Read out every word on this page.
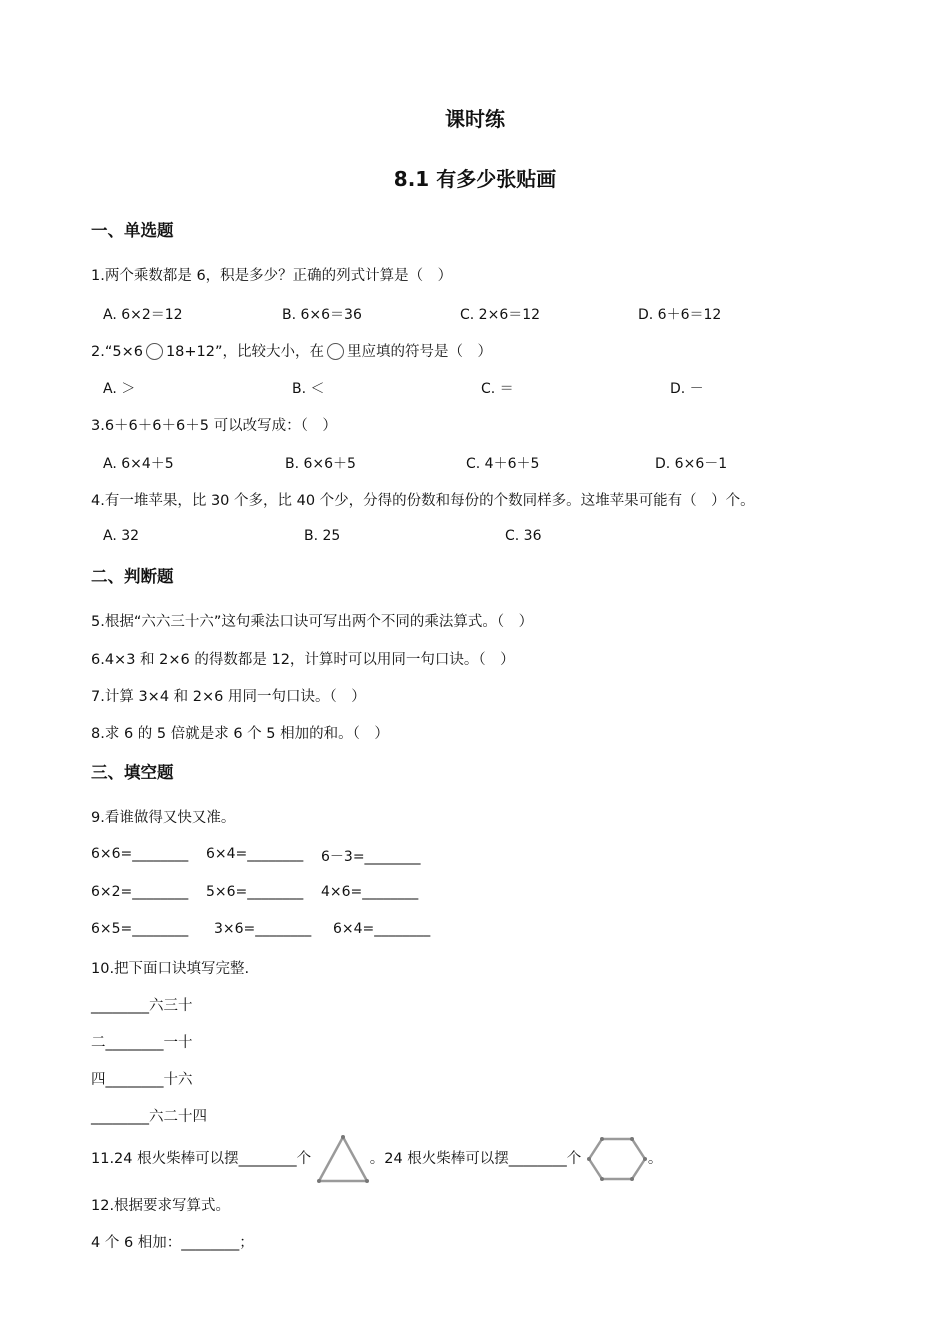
课时练
8.1 有多少张贴画
一、单选题
1.两个乘数都是 6，积是多少？正确的列式计算是（　）
A. 6×2＝12	B. 6×6＝36	C. 2×6＝12	D. 6＋6＝12
2.“5×6 18+12”，比较大小，在 里应填的符号是（　）
A. ＞	B. ＜	C. ＝	D. －
3.6＋6＋6＋6＋5 可以改写成：（　）
A. 6×4＋5	B. 6×6＋5	C. 4＋6＋5	D. 6×6－1
4.有一堆苹果，比 30 个多，比 40 个少，分得的份数和每份的个数同样多。这堆苹果可能有（　）个。
A. 32	B. 25	C. 36
二、判断题
5.根据“六六三十六”这句乘法口诀可写出两个不同的乘法算式。（　）
6.4×3 和 2×6 的得数都是 12，计算时可以用同一句口诀。（　）
7.计算 3×4 和 2×6 用同一句口诀。（　）
8.求 6 的 5 倍就是求 6 个 5 相加的和。（　）
三、填空题
9.看谁做得又快又准。
6×6=________ 6×4=________ 6－3=________
6×2=________ 5×6=________ 4×6=________
6×5=________ 3×6=________ 6×4=________
10.把下面口诀填写完整.
________六三十
二________一十
四________十六
________六二十四
11.24 根火柴棒可以摆________个	。24 根火柴棒可以摆________个	。
12.根据要求写算式。
4 个 6 相加：________；
